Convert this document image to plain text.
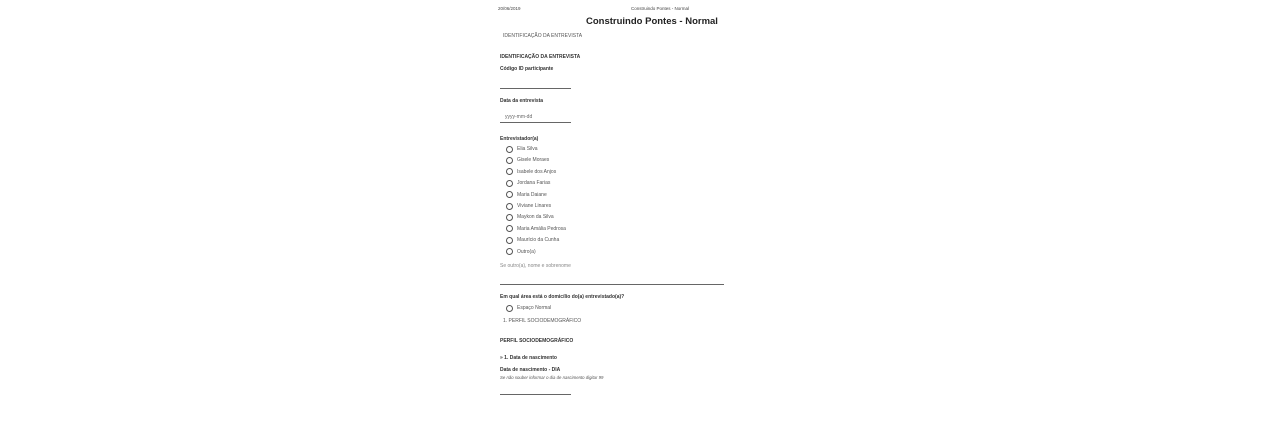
20/06/2019	Construindo Pontes - Normal
Construindo Pontes - Normal
IDENTIFICAÇÃO DA ENTREVISTA
IDENTIFICAÇÃO DA ENTREVISTA
Código ID participante
Data da entrevista
yyyy-mm-dd
Entrevistador(a)
Elia Silva
Gisele Moraes
Isabele dos Anjos
Jordana Farias
Maria Daiane
Viviane Linares
Maykon da Silva
Maria Amália Pedrosa
Maurício da Cunha
Outro(a)
Se outro(a), nome e sobrenome
Em qual área está o domicílio do(a) entrevistado(a)?
Espaço Normal
1. PERFIL SOCIODEMOGRÁFICO
PERFIL SOCIODEMOGRÁFICO
» 1. Data de nascimento
Data de nascimento - DIA
Se não souber informar o dia de nascimento digitar 99
